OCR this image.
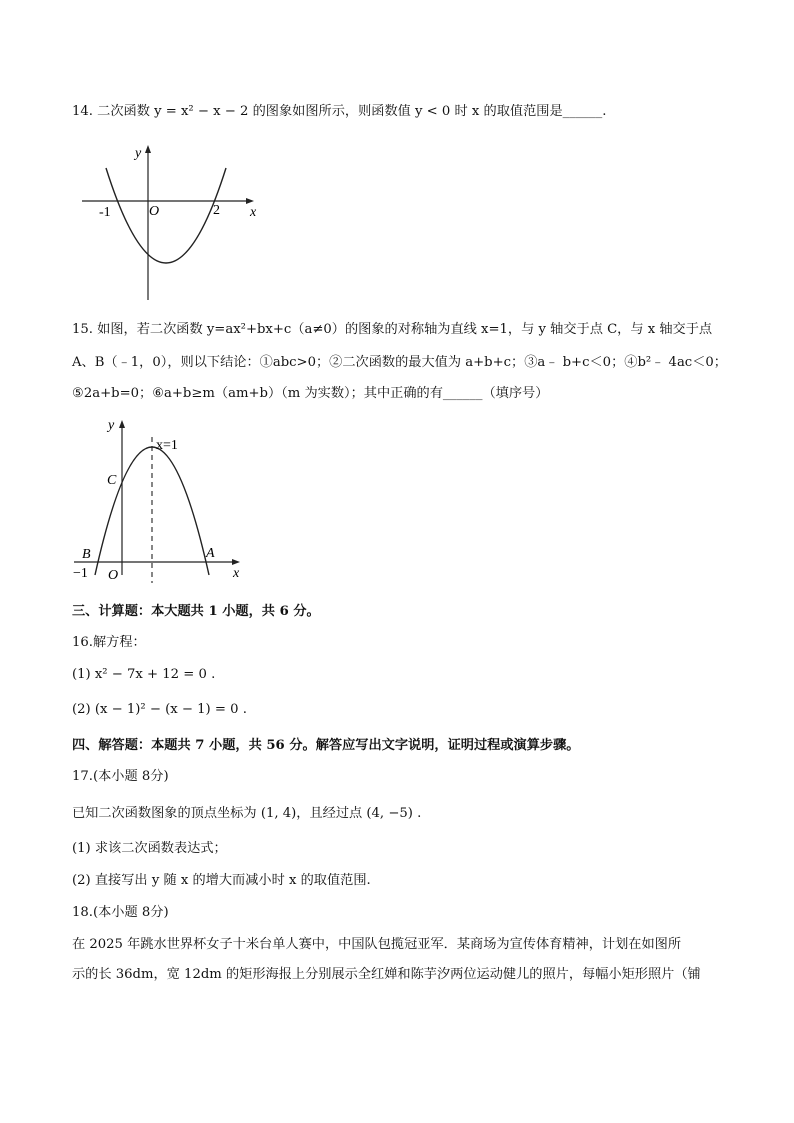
14. 二次函数 y = x² − x − 2 的图象如图所示，则函数值 y < 0 时 x 的取值范围是______.
y
x
O
-1	2
15. 如图，若二次函数 y=ax²+bx+c（a≠0）的图象的对称轴为直线 x=1，与 y 轴交于点 C，与 x 轴交于点
A、B（﹣1，0），则以下结论：①abc>0；②二次函数的最大值为 a+b+c；③a﹣ b+c＜0；④b²﹣ 4ac＜0；
⑤2a+b=0；⑥a+b≥m（am+b）（m 为实数）；其中正确的有______（填序号）
y
x
x=1
C
B	A
−1 O
三、计算题：本大题共 1 小题，共 6 分。
16.解方程：
(1) x² − 7x + 12 = 0 .
(2) (x − 1)² − (x − 1) = 0 .
四、解答题：本题共 7 小题，共 56 分。解答应写出文字说明，证明过程或演算步骤。
17.(本小题 8分)
已知二次函数图象的顶点坐标为 (1, 4)，且经过点 (4, −5) .
(1) 求该二次函数表达式；
(2) 直接写出 y 随 x 的增大而减小时 x 的取值范围.
18.(本小题 8分)
在 2025 年跳水世界杯女子十米台单人赛中，中国队包揽冠亚军．某商场为宣传体育精神，计划在如图所
示的长 36dm，宽 12dm 的矩形海报上分别展示全红婵和陈芋汐两位运动健儿的照片，每幅小矩形照片（铺
